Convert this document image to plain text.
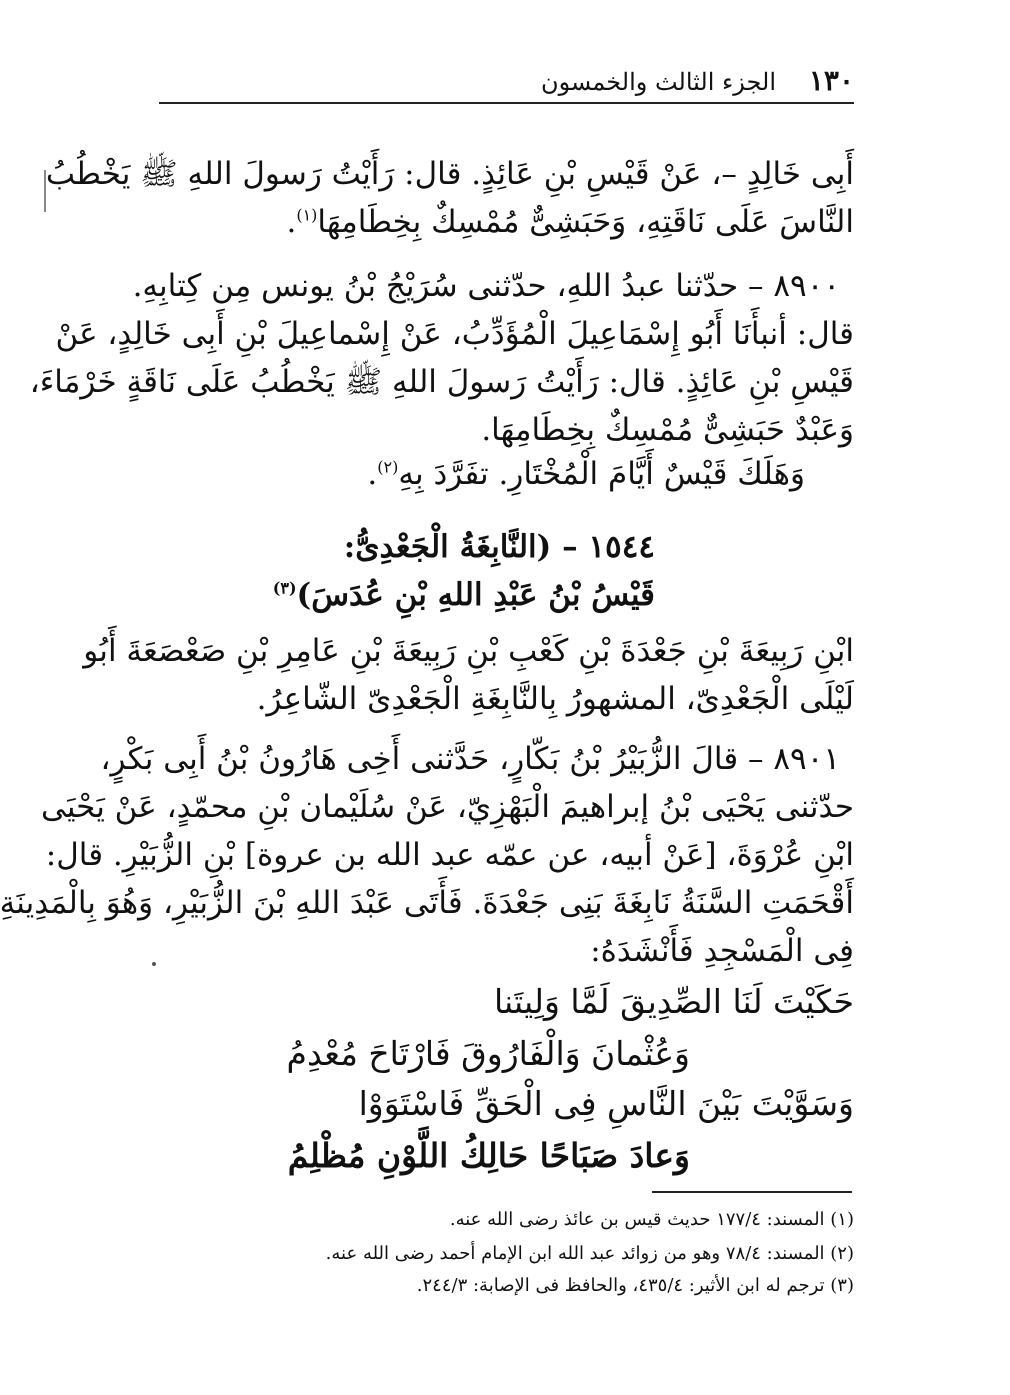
١٣٠
الجزء الثالث والخمسون
أَبِى خَالِدٍ –، عَنْ قَيْسِ بْنِ عَائِذٍ. قال: رَأَيْتُ رَسولَ اللهِ ﷺ يَخْطُبُ
النَّاسَ عَلَى نَاقَتِهِ، وَحَبَشِىٌّ مُمْسِكٌ بِخِطَامِهَا$^{(١)}$.
٨٩٠٠ – حدّثنا عبدُ اللهِ، حدّثنى سُرَيْجُ بْنُ يونس مِن كِتابِهِ.
قال: أنبأَنَا أَبُو إِسْمَاعِيلَ الْمُؤَدِّبُ، عَنْ إِسْماعِيلَ بْنِ أَبِى خَالِدٍ، عَنْ
قَيْسِ بْنِ عَائِذٍ. قال: رَأَيْتُ رَسولَ اللهِ ﷺ يَخْطُبُ عَلَى نَاقَةٍ خَرْمَاءَ،
وَعَبْدٌ حَبَشِىٌّ مُمْسِكٌ بِخِطَامِهَا.
وَهَلَكَ قَيْسٌ أَيَّامَ الْمُخْتَارِ. تفَرَّدَ بِهِ$^{(٢)}$.
١٥٤٤ – (النَّابِغَةُ الْجَعْدِىُّ:
قَيْسُ بْنُ عَبْدِ اللهِ بْنِ عُدَسَ)$^{(٣)}$
ابْنِ رَبِيعَةَ بْنِ جَعْدَةَ بْنِ كَعْبِ بْنِ رَبِيعَةَ بْنِ عَامِرِ بْنِ صَعْصَعَةَ أَبُو
لَيْلَى الْجَعْدِىّ، المشهورُ بِالنَّابِغَةِ الْجَعْدِىّ الشّاعِرُ.
٨٩٠١ – قالَ الزُّبَيْرُ بْنُ بَكّارٍ، حَدَّثنى أَخِى هَارُونُ بْنُ أَبِى بَكْرٍ،
حدّثنى يَحْيَى بْنُ إبراهيمَ الْبَهْزِيّ، عَنْ سُلَيْمان بْنِ محمّدٍ، عَنْ يَحْيَى
ابْنِ عُرْوَةَ، [عَنْ أبيه، عن عمّه عبد الله بن عروة] بْنِ الزُّبَيْرِ. قال:
أَقْحَمَتِ السَّنَةُ نَابِغَةَ بَنِى جَعْدَةَ. فَأَتَى عَبْدَ اللهِ بْنَ الزُّبَيْرِ، وَهُوَ بِالْمَدِينَةِ
فِى الْمَسْجِدِ فَأَنْشَدَهُ:
حَكَيْتَ لَنَا الصِّدِيقَ لَمَّا وَلِيتَنا
وَعُثْمانَ وَالْفَارُوقَ فَارْتَاحَ مُعْدِمُ
وَسَوَّيْتَ بَيْنَ النَّاسِ فِى الْحَقِّ فَاسْتَوَوْا
وَعادَ صَبَاحًا حَالِكُ اللَّوْنِ مُظْلِمُ
(١) المسند: ١٧٧/٤ حديث قيس بن عائذ رضى الله عنه.
(٢) المسند: ٧٨/٤ وهو من زوائد عبد الله ابن الإمام أحمد رضى الله عنه.
(٣) ترجم له ابن الأثير: ٤٣٥/٤، والحافظ فى الإصابة: ٢٤٤/٣.
